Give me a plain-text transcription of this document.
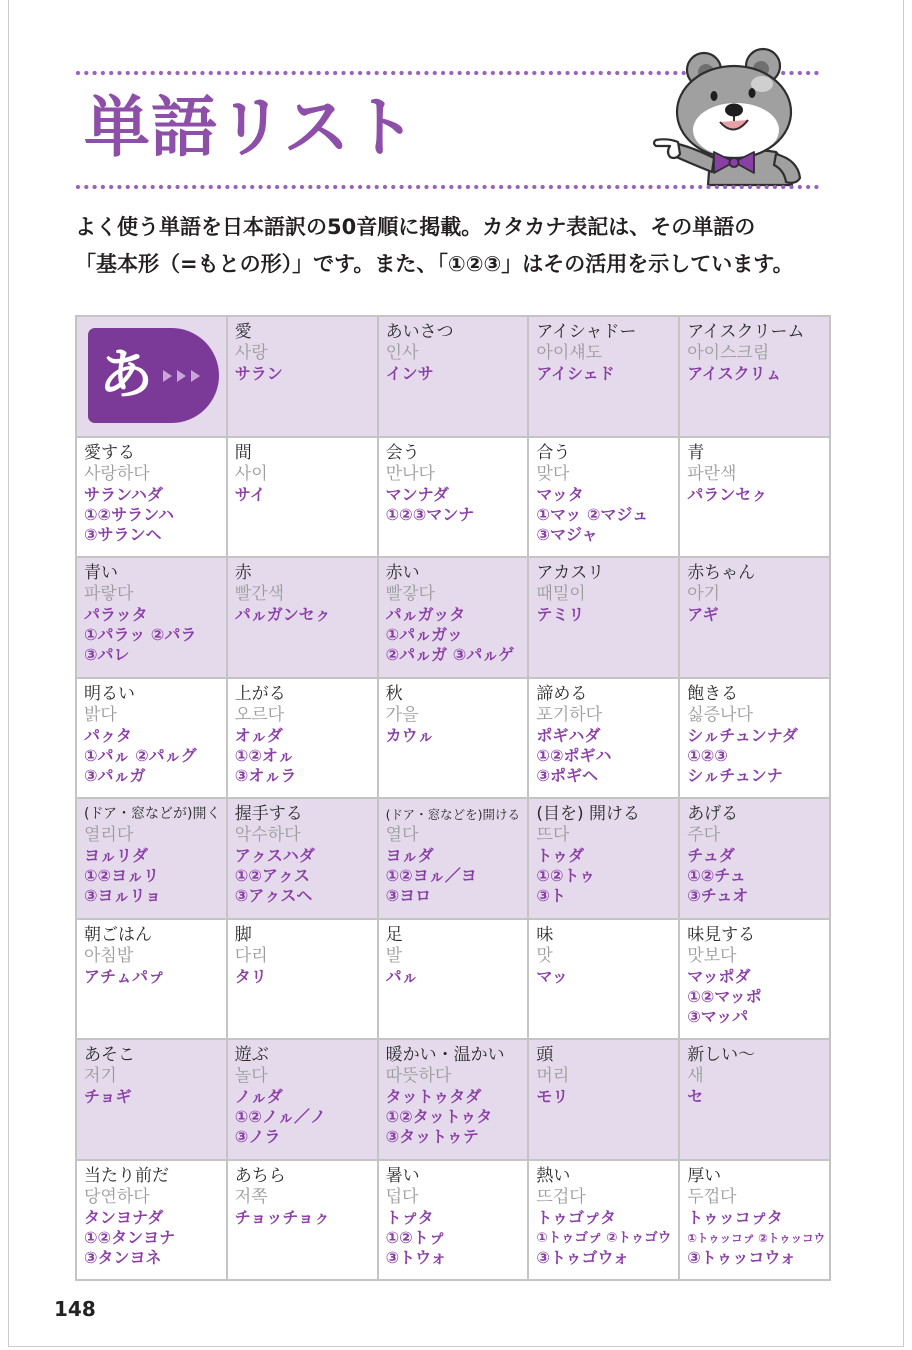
単語リスト
よく使う単語を日本語訳の50音順に掲載。カタカナ表記は、その単語の
「基本形（=もとの形）」です。また、「①②③」はその活用を示しています。
あ
愛
사랑
サラン
あいさつ
인사
インサ
アイシャドー
아이섀도
アイシェド
アイスクリーム
아이스크림
アイスクリㇺ
愛する
사랑하다
サランハダ
①②サランハ
③サランヘ
間
사이
サイ
会う
만나다
マンナダ
①②③マンナ
合う
맞다
マッタ
①マッ ②マジュ
③マジャ
青
파란색
パランセㇰ
青い
파랗다
パラッタ
①パラッ ②パラ
③パレ
赤
빨간색
パㇽガンセㇰ
赤い
빨갛다
パㇽガッタ
①パㇽガッ
②パㇽガ ③パㇽゲ
アカスリ
때밀이
テミリ
赤ちゃん
아기
アギ
明るい
밝다
パㇰタ
①パㇽ ②パㇽグ
③パㇽガ
上がる
오르다
オㇽダ
①②オㇽ
③オㇽラ
秋
가을
カウㇽ
諦める
포기하다
ポギハダ
①②ポギハ
③ポギヘ
飽きる
싫증나다
シㇽチュンナダ
①②③
シㇽチュンナ
(ドア・窓などが)開く
열리다
ヨㇽリダ
①②ヨㇽリ
③ヨㇽリョ
握手する
악수하다
アㇰスハダ
①②アㇰス
③アㇰスヘ
(ドア・窓などを)開ける
열다
ヨㇽダ
①②ヨㇽ／ヨ
③ヨロ
(目を) 開ける
뜨다
トゥダ
①②トゥ
③ト
あげる
주다
チュダ
①②チュ
③チュオ
朝ごはん
아침밥
アチㇺパㇷ゚
脚
다리
タリ
足
발
パㇽ
味
맛
マッ
味見する
맛보다
マッポダ
①②マッポ
③マッパ
あそこ
저기
チョギ
遊ぶ
놀다
ノㇽダ
①②ノㇽ／ノ
③ノラ
暖かい・温かい
따뜻하다
タットゥタダ
①②タットゥタ
③タットゥテ
頭
머리
モリ
新しい〜
새
セ
当たり前だ
당연하다
タンヨナダ
①②タンヨナ
③タンヨネ
あちら
저쪽
チョッチョㇰ
暑い
덥다
トㇷ゚タ
①②トㇷ゚
③トウォ
熱い
뜨겁다
トゥゴㇷ゚タ
①トゥゴㇷ゚ ②トゥゴウ
③トゥゴウォ
厚い
두껍다
トゥッコㇷ゚タ
①トゥッコㇷ゚ ②トゥッコウ
③トゥッコウォ
148
